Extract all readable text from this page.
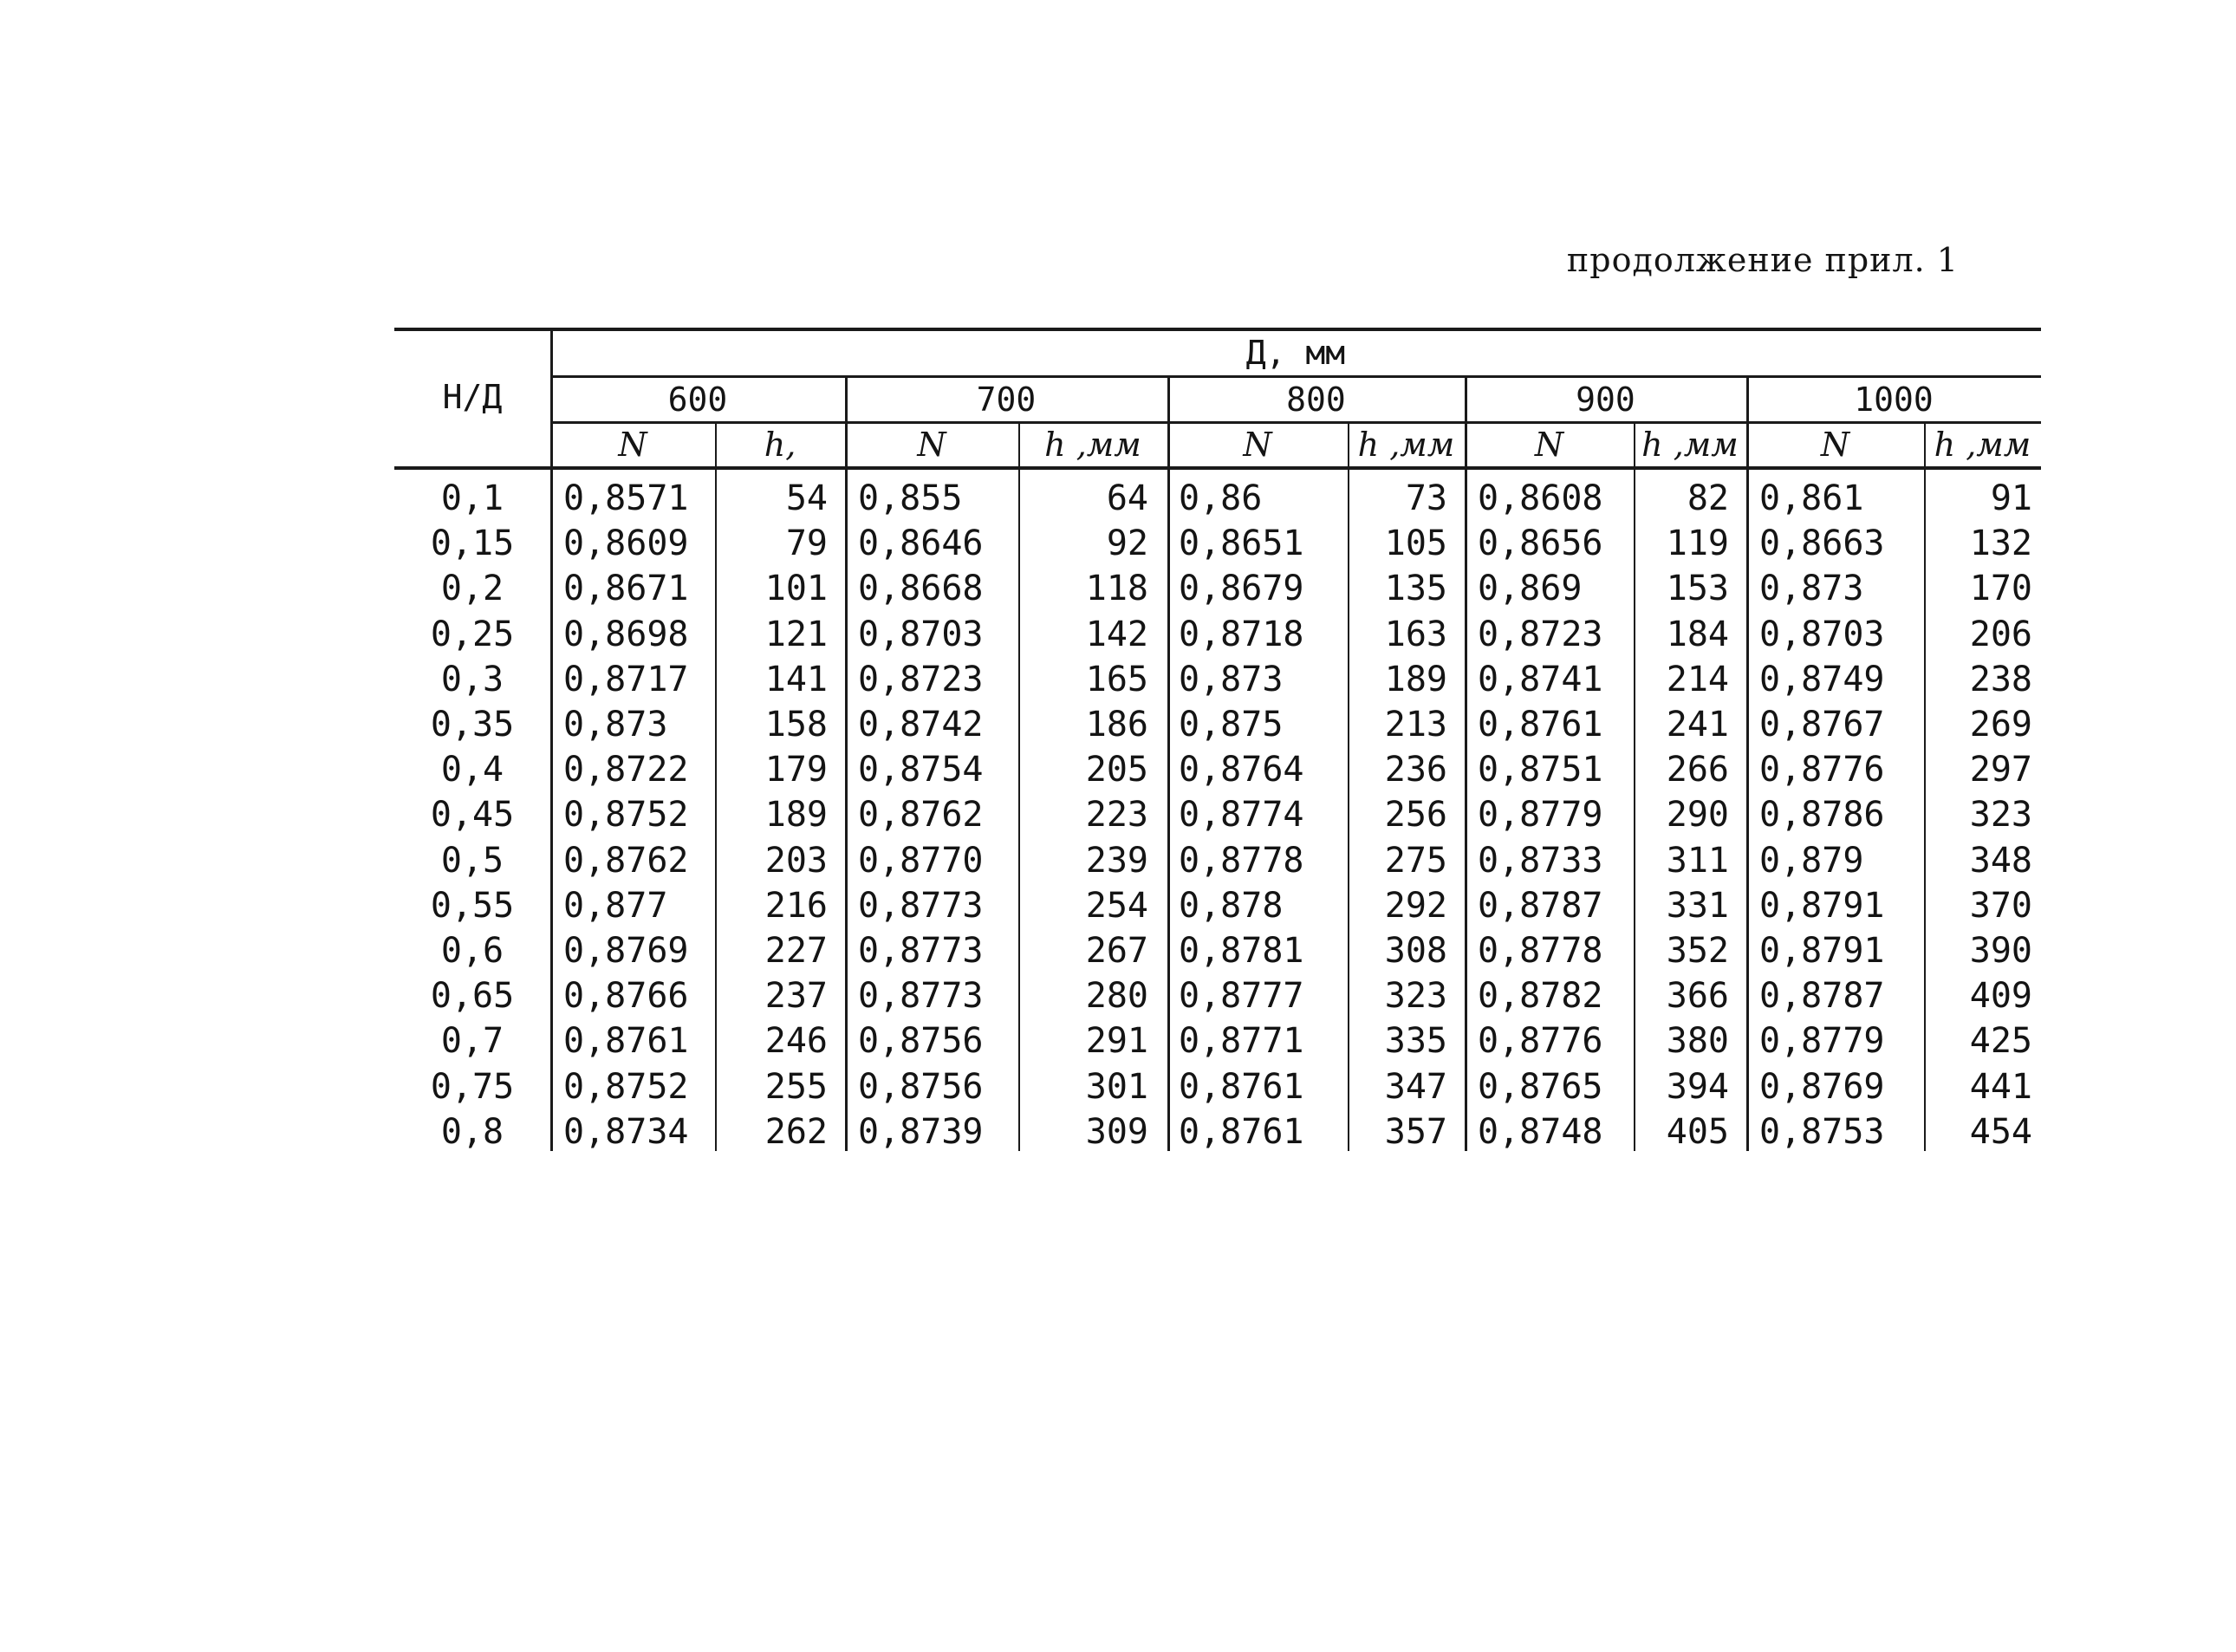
продолжение прил. 1
Н/Д
Д, мм
600	700	800	900	1000
N	h,	N	h ,мм	N	h ,мм	N	h ,мм	N	h ,мм
0,1	0,8571	54 0,855	64 0,86	73 0,8608	82 0,861	91
0,15	0,8609	79 0,8646	92 0,8651	105 0,8656	119 0,8663	132
0,2	0,8671	101 0,8668	118 0,8679	135 0,869	153 0,873	170
0,25	0,8698	121 0,8703	142 0,8718	163 0,8723	184 0,8703	206
0,3	0,8717	141 0,8723	165 0,873	189 0,8741	214 0,8749	238
0,35	0,873	158 0,8742	186 0,875	213 0,8761	241 0,8767	269
0,4	0,8722	179 0,8754	205 0,8764	236 0,8751	266 0,8776	297
0,45	0,8752	189 0,8762	223 0,8774	256 0,8779	290 0,8786	323
0,5	0,8762	203 0,8770	239 0,8778	275 0,8733	311 0,879	348
0,55	0,877	216 0,8773	254 0,878	292 0,8787	331 0,8791	370
0,6	0,8769	227 0,8773	267 0,8781	308 0,8778	352 0,8791	390
0,65	0,8766	237 0,8773	280 0,8777	323 0,8782	366 0,8787	409
0,7	0,8761	246 0,8756	291 0,8771	335 0,8776	380 0,8779	425
0,75	0,8752	255 0,8756	301 0,8761	347 0,8765	394 0,8769	441
0,8	0,8734	262 0,8739	309 0,8761	357 0,8748	405 0,8753	454
